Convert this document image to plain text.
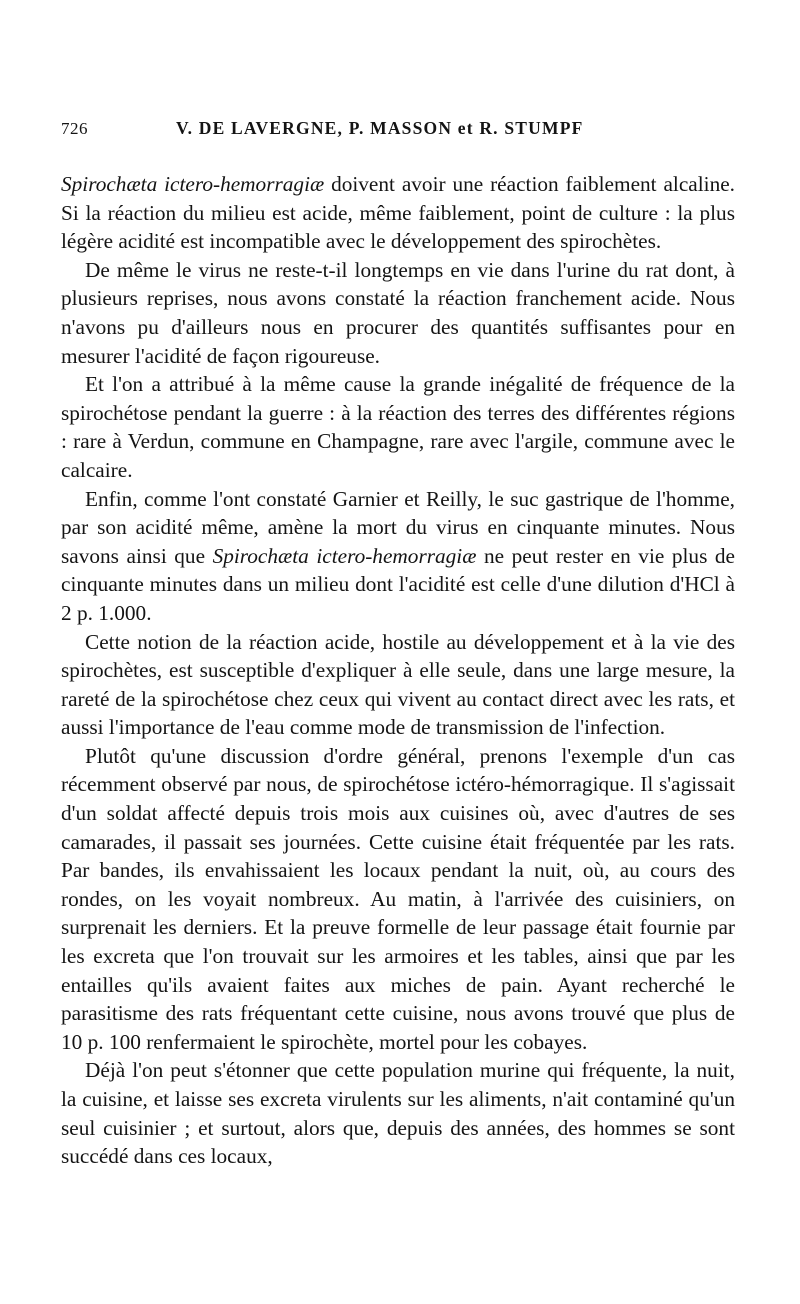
726	V. DE LAVERGNE, P. MASSON et R. STUMPF

Spirochæta ictero-hemorragiæ doivent avoir une réaction faiblement alcaline. Si la réaction du milieu est acide, même faiblement, point de culture : la plus légère acidité est incompatible avec le développement des spirochètes.

De même le virus ne reste-t-il longtemps en vie dans l'urine du rat dont, à plusieurs reprises, nous avons constaté la réaction franchement acide. Nous n'avons pu d'ailleurs nous en procurer des quantités suffisantes pour en mesurer l'acidité de façon rigoureuse.

Et l'on a attribué à la même cause la grande inégalité de fréquence de la spirochétose pendant la guerre : à la réaction des terres des différentes régions : rare à Verdun, commune en Champagne, rare avec l'argile, commune avec le calcaire.

Enfin, comme l'ont constaté Garnier et Reilly, le suc gastrique de l'homme, par son acidité même, amène la mort du virus en cinquante minutes. Nous savons ainsi que Spirochæta ictero-hemorragiæ ne peut rester en vie plus de cinquante minutes dans un milieu dont l'acidité est celle d'une dilution d'HCl à 2 p. 1.000.

Cette notion de la réaction acide, hostile au développement et à la vie des spirochètes, est susceptible d'expliquer à elle seule, dans une large mesure, la rareté de la spirochétose chez ceux qui vivent au contact direct avec les rats, et aussi l'importance de l'eau comme mode de transmission de l'infection.

Plutôt qu'une discussion d'ordre général, prenons l'exemple d'un cas récemment observé par nous, de spirochétose ictéro-hémorragique. Il s'agissait d'un soldat affecté depuis trois mois aux cuisines où, avec d'autres de ses camarades, il passait ses journées. Cette cuisine était fréquentée par les rats. Par bandes, ils envahissaient les locaux pendant la nuit, où, au cours des rondes, on les voyait nombreux. Au matin, à l'arrivée des cuisiniers, on surprenait les derniers. Et la preuve formelle de leur passage était fournie par les excreta que l'on trouvait sur les armoires et les tables, ainsi que par les entailles qu'ils avaient faites aux miches de pain. Ayant recherché le parasitisme des rats fréquentant cette cuisine, nous avons trouvé que plus de 10 p. 100 renfermaient le spirochète, mortel pour les cobayes.

Déjà l'on peut s'étonner que cette population murine qui fréquente, la nuit, la cuisine, et laisse ses excreta virulents sur les aliments, n'ait contaminé qu'un seul cuisinier ; et surtout, alors que, depuis des années, des hommes se sont succédé dans ces locaux,
